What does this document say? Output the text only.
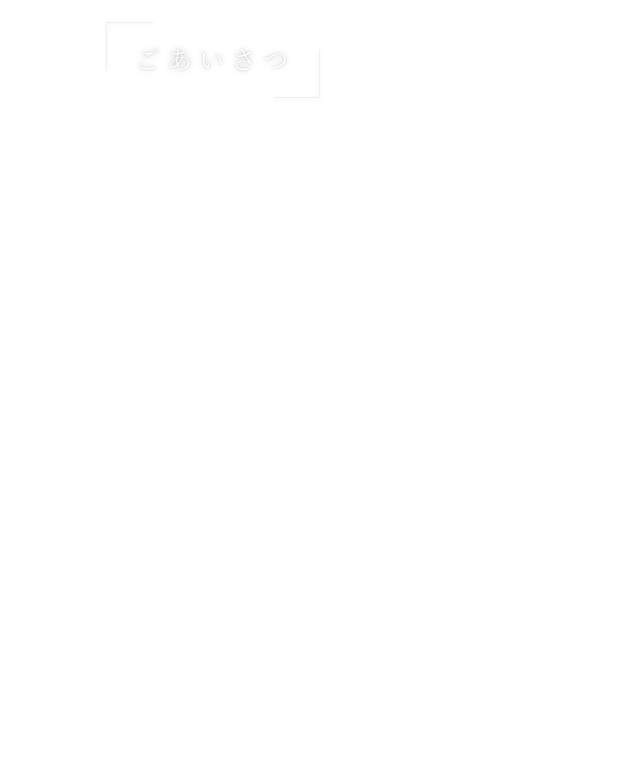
ごあいさつ
